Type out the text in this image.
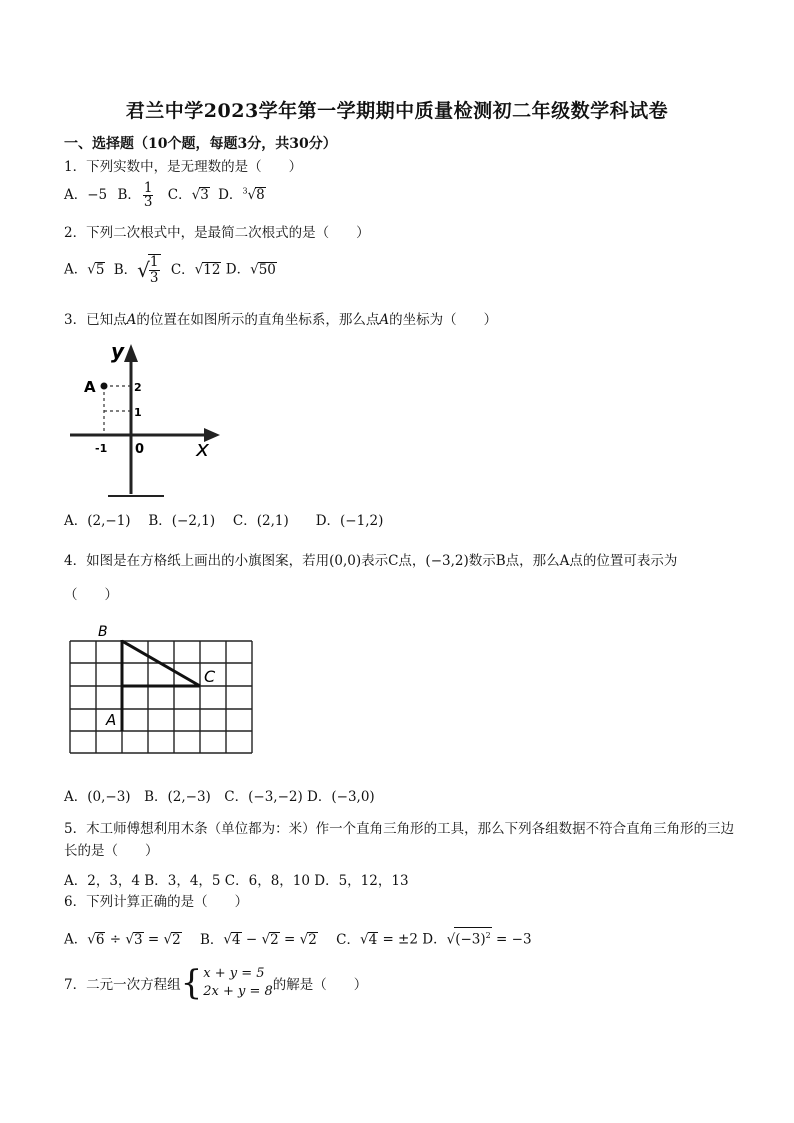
君兰中学2023学年第一学期期中质量检测初二年级数学科试卷
一、选择题（10个题，每题3分，共30分）
1．下列实数中，是无理数的是（　　）
A．−5 B． $\frac{1}{3}$ C．√3 D．$^3$√8
2．下列二次根式中，是最简二次根式的是（　　）
A．√5 B．√
$\frac{1}{3}$ C．√12 D．√50
3．已知点A的位置在如图所示的直角坐标系，那么点A的坐标为（　　）
y
x
A	2
1
-1 0
A．(2,−1)　 B．(−2,1)　 C．(2,1)　　D．(−1,2)
4．如图是在方格纸上画出的小旗图案，若用(0,0)表示C点，(−3,2)数示B点，那么A点的位置可表示为
（　　）
B
C
A
A．(0,−3)　B．(2,−3)　C．(−3,−2) D．(−3,0)
5．木工师傅想利用木条（单位都为：米）作一个直角三角形的工具，那么下列各组数据不符合直角三角形的三边长的是（　　）
A．2，3，4 B．3，4，5 C．6，8，10 D．5，12，13
6．下列计算正确的是（　　）
A．√6 ÷ √3 = √2 B．√4 − √2 = √2 C．√4 = ±2 D．$√(-3)^2 = -3$
7．二元一次方程组{ x + y = 5
2x + y = 8 的解是（　　）
